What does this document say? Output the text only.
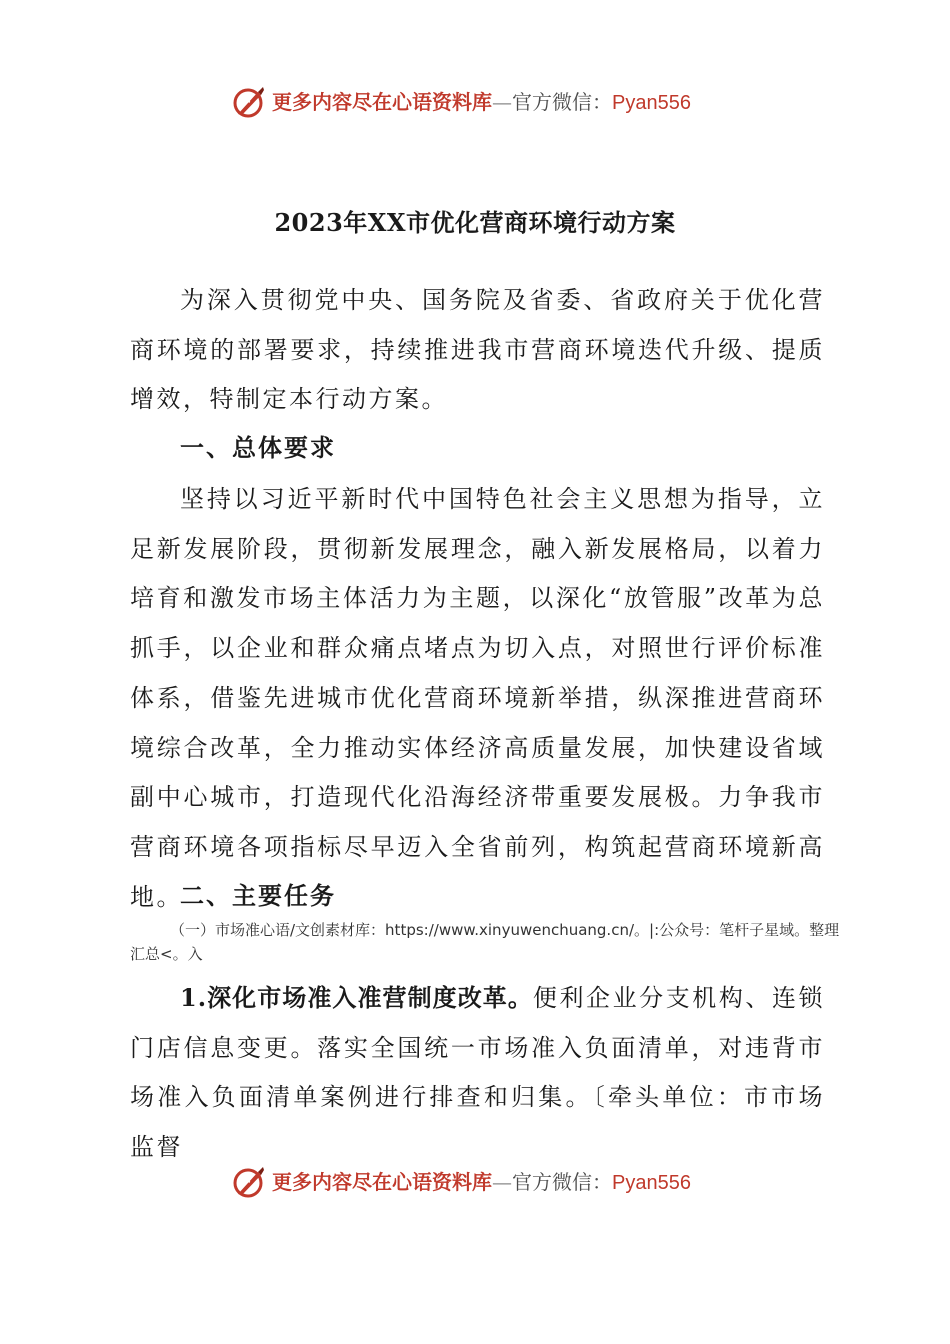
更多内容尽在心语资料库—官方微信：Pyan556
2023年XX市优化营商环境行动方案

为深入贯彻党中央、国务院及省委、省政府关于优化营商环境的部署要求，持续推进我市营商环境迭代升级、提质增效，特制定本行动方案。

一、总体要求

坚持以习近平新时代中国特色社会主义思想为指导，立足新发展阶段，贯彻新发展理念，融入新发展格局，以着力培育和激发市场主体活力为主题，以深化“放管服”改革为总抓手，以企业和群众痛点堵点为切入点，对照世行评价标准体系，借鉴先进城市优化营商环境新举措，纵深推进营商环境综合改革，全力推动实体经济高质量发展，加快建设省域副中心城市，打造现代化沿海经济带重要发展极。力争我市营商环境各项指标尽早迈入全省前列，构筑起营商环境新高地。

二、主要任务

（一）市场准心语/文创素材库：https://www.xinyuwenchuang.cn/。|:公众号：笔杆子星域。整理汇总<。入

1.深化市场准入准营制度改革。便利企业分支机构、连锁门店信息变更。落实全国统一市场准入负面清单，对违背市场准入负面清单案例进行排查和归集。〔牵头单位：市市场监督

更多内容尽在心语资料库—官方微信：Pyan556
